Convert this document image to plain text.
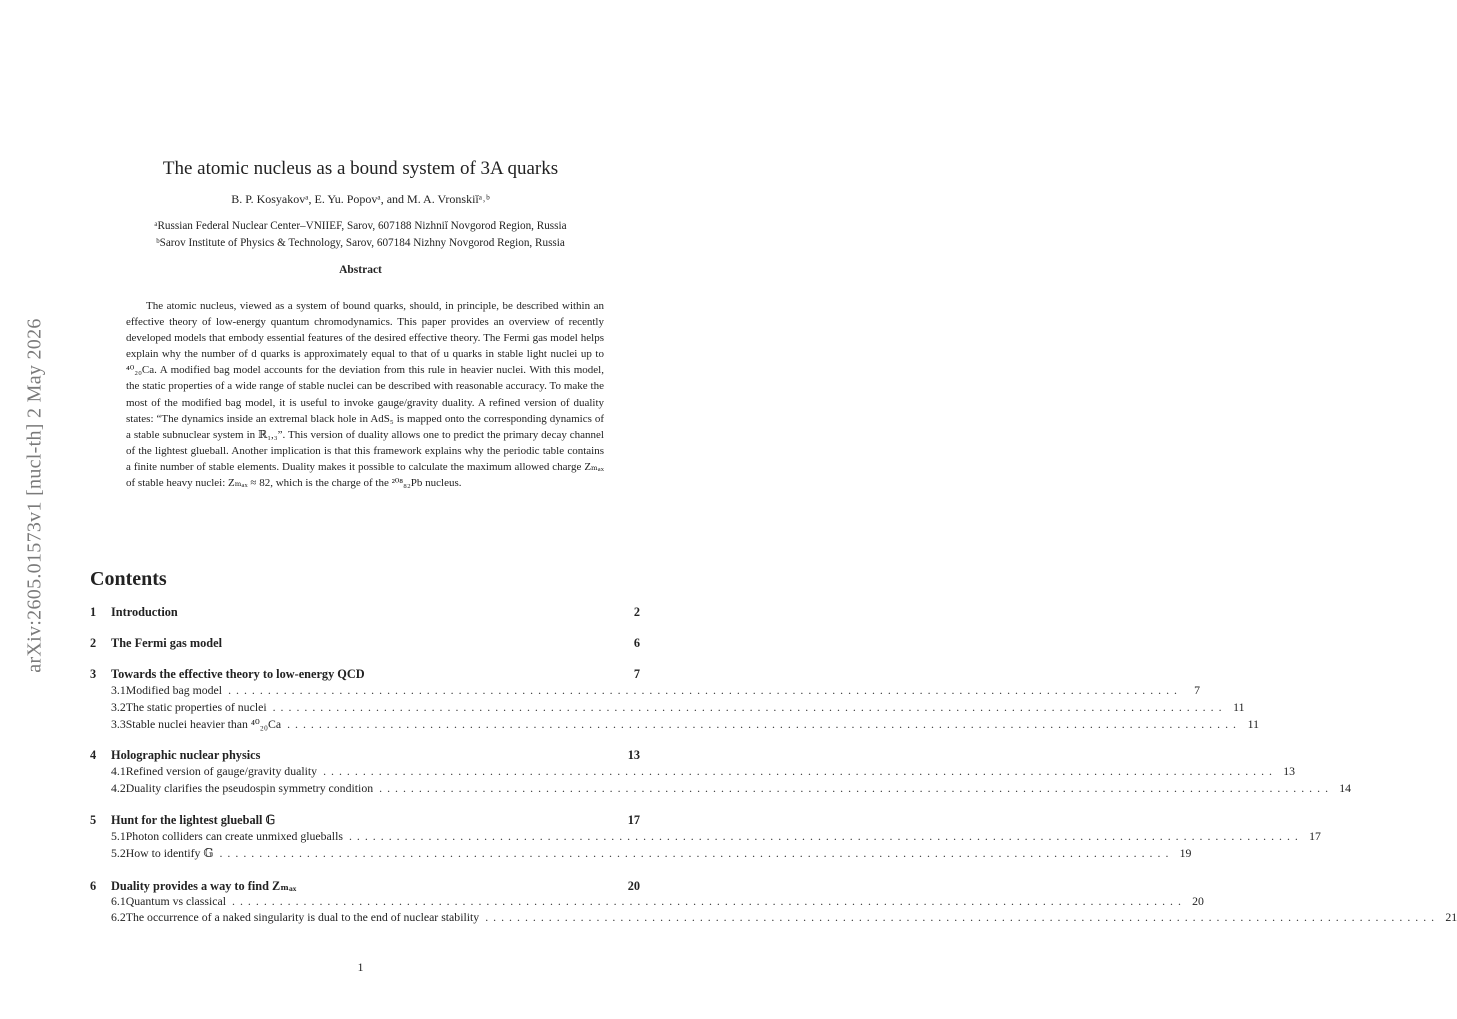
arXiv:2605.01573v1 [nucl-th] 2 May 2026
The atomic nucleus as a bound system of 3A quarks
B. P. Kosyakovᵃ, E. Yu. Popovᵃ, and M. A. Vronskiĭᵃ˒ᵇ
ᵃRussian Federal Nuclear Center–VNIIEF, Sarov, 607188 Nizhniĭ Novgorod Region, Russia
ᵇSarov Institute of Physics & Technology, Sarov, 607184 Nizhny Novgorod Region, Russia
Abstract

The atomic nucleus, viewed as a system of bound quarks, should, in principle, be described within an effective theory of low-energy quantum chromodynamics. This paper provides an overview of recently developed models that embody essential features of the desired effective theory. The Fermi gas model helps explain why the number of d quarks is approximately equal to that of u quarks in stable light nuclei up to ⁴⁰₂₀Ca. A modified bag model accounts for the deviation from this rule in heavier nuclei. With this model, the static properties of a wide range of stable nuclei can be described with reasonable accuracy. To make the most of the modified bag model, it is useful to invoke gauge/gravity duality. A refined version of duality states: “The dynamics inside an extremal black hole in AdS₅ is mapped onto the corresponding dynamics of a stable subnuclear system in ℝ₁,₃”. This version of duality allows one to predict the primary decay channel of the lightest glueball. Another implication is that this framework explains why the periodic table contains a finite number of stable elements. Duality makes it possible to calculate the maximum allowed charge Zₘₐₓ of stable heavy nuclei: Zₘₐₓ ≈ 82, which is the charge of the ²⁰⁸₈₂Pb nucleus.

Contents
1	Introduction	2
2	The Fermi gas model	6
3	Towards the effective theory to low-energy QCD	7
3.1 Modified bag model ........................................................................................................................	7
3.2 The static properties of nuclei ........................................................................................................................ 11
3.3 Stable nuclei heavier than ⁴⁰₂₀Ca ........................................................................................................................ 11
4	Holographic nuclear physics	13
4.1 Refined version of gauge/gravity duality ........................................................................................................................ 13
4.2 Duality clarifies the pseudospin symmetry condition ........................................................................................................................ 14
5	Hunt for the lightest glueball 𝔾	17
5.1 Photon colliders can create unmixed glueballs ........................................................................................................................ 17
5.2 How to identify 𝔾 ........................................................................................................................ 19
6	Duality provides a way to find Zₘₐₓ	20
6.1 Quantum vs classical ........................................................................................................................ 20
6.2 The occurrence of a naked singularity is dual to the end of nuclear stability ........................................................................................................................ 21
1
